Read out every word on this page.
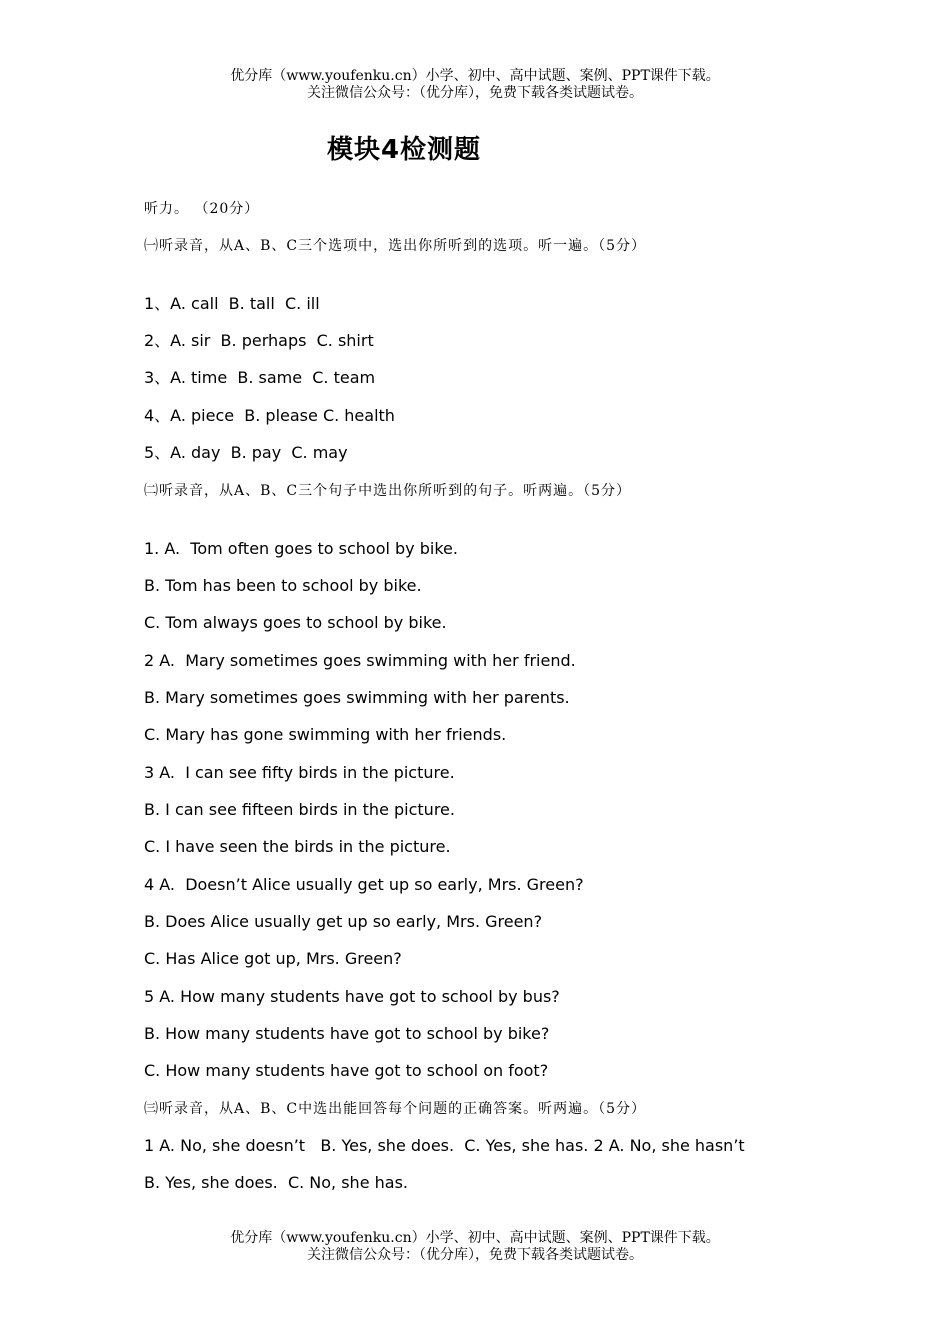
优分库（www.youfenku.cn）小学、初中、高中试题、案例、PPT课件下载。
关注微信公众号：（优分库），免费下载各类试题试卷。
模块4检测题
听力。 （20分）
㈠听录音，从A、B、C三个选项中，选出你所听到的选项。听一遍。（5分）
1、A. call  B. tall  C. ill
2、A. sir  B. perhaps  C. shirt
3、A. time  B. same  C. team
4、A. piece  B. please C. health
5、A. day  B. pay  C. may
㈡听录音，从A、B、C三个句子中选出你所听到的句子。听两遍。（5分）
1. A.  Tom often goes to school by bike.
B. Tom has been to school by bike.
C. Tom always goes to school by bike.
2 A.  Mary sometimes goes swimming with her friend.
B. Mary sometimes goes swimming with her parents.
C. Mary has gone swimming with her friends.
3 A.  I can see fifty birds in the picture.
B. I can see fifteen birds in the picture.
C. I have seen the birds in the picture.
4 A.  Doesn’t Alice usually get up so early, Mrs. Green?
B. Does Alice usually get up so early, Mrs. Green?
C. Has Alice got up, Mrs. Green?
5 A. How many students have got to school by bus?
B. How many students have got to school by bike?
C. How many students have got to school on foot?
㈢听录音，从A、B、C中选出能回答每个问题的正确答案。听两遍。（5分）
1 A. No, she doesn’t   B. Yes, she does.  C. Yes, she has. 2 A. No, she hasn’t
B. Yes, she does.  C. No, she has.
优分库（www.youfenku.cn）小学、初中、高中试题、案例、PPT课件下载。
关注微信公众号：（优分库），免费下载各类试题试卷。
